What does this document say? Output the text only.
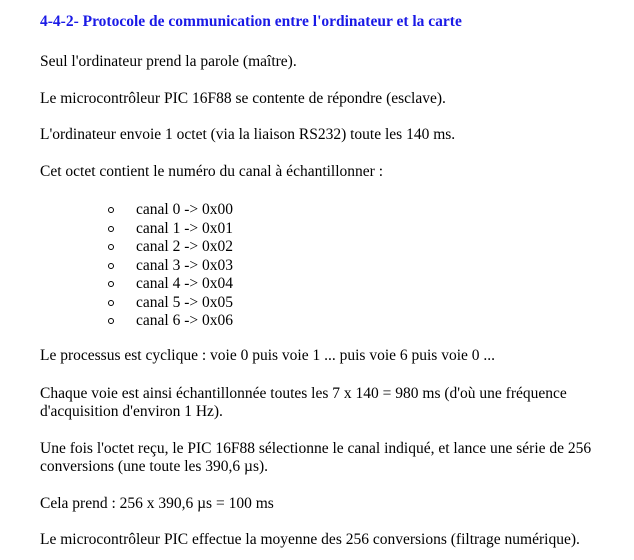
4-4-2- Protocole de communication entre l'ordinateur et la carte
Seul l'ordinateur prend la parole (maître).
Le microcontrôleur PIC 16F88 se contente de répondre (esclave).
L'ordinateur envoie 1 octet (via la liaison RS232) toute les 140 ms.
Cet octet contient le numéro du canal à échantillonner :
canal 0 -> 0x00
canal 1 -> 0x01
canal 2 -> 0x02
canal 3 -> 0x03
canal 4 -> 0x04
canal 5 -> 0x05
canal 6 -> 0x06
Le processus est cyclique : voie 0 puis voie 1 ... puis voie 6 puis voie 0 ...
Chaque voie est ainsi échantillonnée toutes les 7 x 140 = 980 ms (d'où une fréquence d'acquisition d'environ 1 Hz).
Une fois l'octet reçu, le PIC 16F88 sélectionne le canal indiqué, et lance une série de 256 conversions (une toute les 390,6 µs).
Cela prend : 256 x 390,6 µs = 100 ms
Le microcontrôleur PIC effectue la moyenne des 256 conversions (filtrage numérique).
